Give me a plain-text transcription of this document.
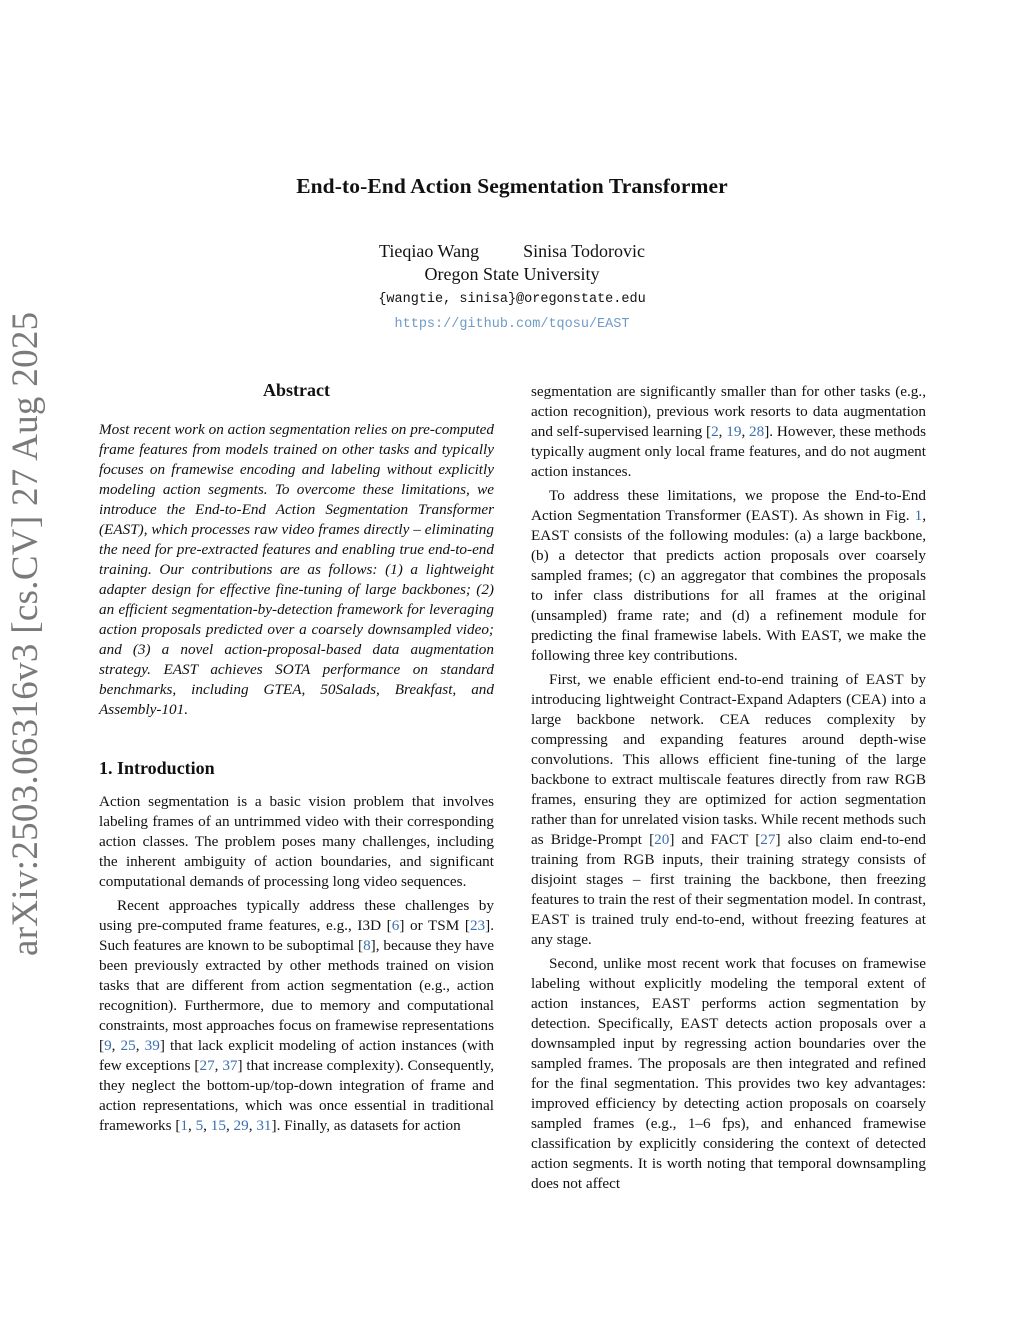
End-to-End Action Segmentation Transformer
Tieqiao Wang Sinisa Todorovic
Oregon State University
{wangtie, sinisa}@oregonstate.edu
https://github.com/tqosu/EAST
arXiv:2503.06316v3 [cs.CV] 27 Aug 2025	Abstract

Most recent work on action segmentation relies on pre-computed frame features from models trained on other tasks and typically focuses on framewise encoding and labeling without explicitly modeling action segments. To overcome these limitations, we introduce the End-to-End Action Segmentation Transformer (EAST), which processes raw video frames directly – eliminating the need for pre-extracted features and enabling true end-to-end training. Our contributions are as follows: (1) a lightweight adapter design for effective fine-tuning of large backbones; (2) an efficient segmentation-by-detection framework for leveraging action proposals predicted over a coarsely downsampled video; and (3) a novel action-proposal-based data augmentation strategy. EAST achieves SOTA performance on standard benchmarks, including GTEA, 50Salads, Breakfast, and Assembly-101.

1. Introduction

Action segmentation is a basic vision problem that involves labeling frames of an untrimmed video with their corresponding action classes. The problem poses many challenges, including the inherent ambiguity of action boundaries, and significant computational demands of processing long video sequences.

Recent approaches typically address these challenges by using pre-computed frame features, e.g., I3D [6] or TSM [23]. Such features are known to be suboptimal [8], because they have been previously extracted by other methods trained on vision tasks that are different from action segmentation (e.g., action recognition). Furthermore, due to memory and computational constraints, most approaches focus on framewise representations [9, 25, 39] that lack explicit modeling of action instances (with few exceptions [27, 37] that increase complexity). Consequently, they neglect the bottom-up/top-down integration of frame and action representations, which was once essential in traditional frameworks [1, 5, 15, 29, 31]. Finally, as datasets for action

segmentation are significantly smaller than for other tasks (e.g., action recognition), previous work resorts to data augmentation and self-supervised learning [2, 19, 28]. However, these methods typically augment only local frame features, and do not augment action instances.

To address these limitations, we propose the End-to-End Action Segmentation Transformer (EAST). As shown in Fig. 1, EAST consists of the following modules: (a) a large backbone, (b) a detector that predicts action proposals over coarsely sampled frames; (c) an aggregator that combines the proposals to infer class distributions for all frames at the original (unsampled) frame rate; and (d) a refinement module for predicting the final framewise labels. With EAST, we make the following three key contributions.

First, we enable efficient end-to-end training of EAST by introducing lightweight Contract-Expand Adapters (CEA) into a large backbone network. CEA reduces complexity by compressing and expanding features around depth-wise convolutions. This allows efficient fine-tuning of the large backbone to extract multiscale features directly from raw RGB frames, ensuring they are optimized for action segmentation rather than for unrelated vision tasks. While recent methods such as Bridge-Prompt [20] and FACT [27] also claim end-to-end training from RGB inputs, their training strategy consists of disjoint stages – first training the backbone, then freezing features to train the rest of their segmentation model. In contrast, EAST is trained truly end-to-end, without freezing features at any stage.

Second, unlike most recent work that focuses on framewise labeling without explicitly modeling the temporal extent of action instances, EAST performs action segmentation by detection. Specifically, EAST detects action proposals over a downsampled input by regressing action boundaries over the sampled frames. The proposals are then integrated and refined for the final segmentation. This provides two key advantages: improved efficiency by detecting action proposals on coarsely sampled frames (e.g., 1–6 fps), and enhanced framewise classification by explicitly considering the context of detected action segments. It is worth noting that temporal downsampling does not affect
